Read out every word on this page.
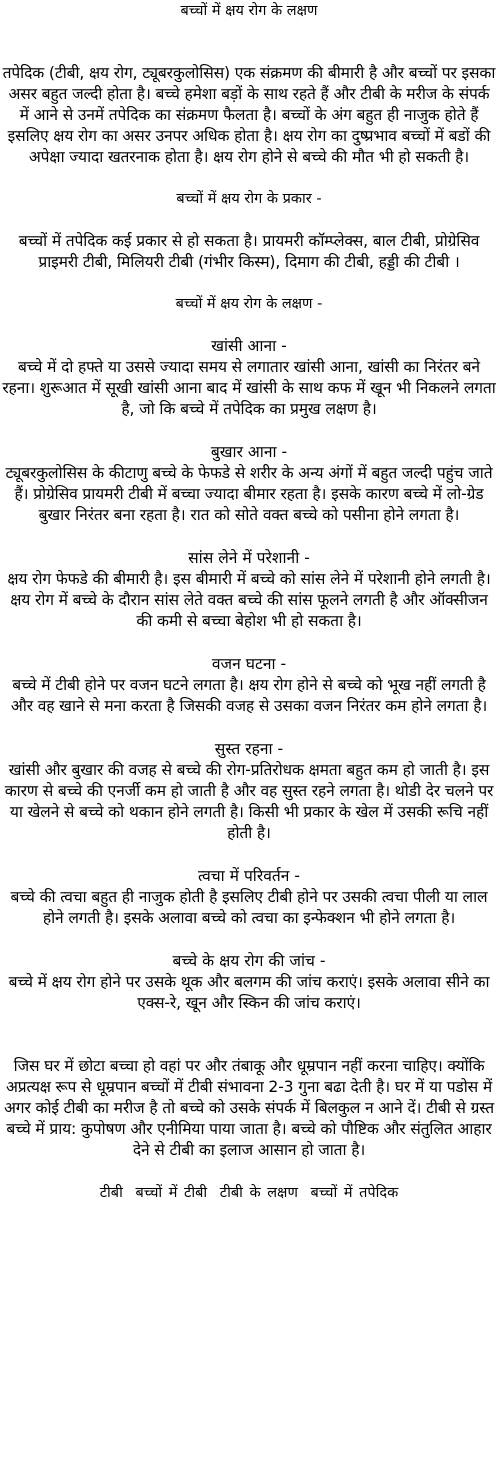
बच्चों में क्षय रोग के लक्षण

तपेदिक (टीबी, क्षय रोग, ट्यूबरकुलोसिस) एक संक्रमण की बीमारी है और बच्चों पर इसका असर बहुत जल्दी होता है। बच्चे हमेशा बड़ों के साथ रहते हैं और टीबी के मरीज के संपर्क में आने से उनमें तपेदिक का संक्रमण फैलता है। बच्चों के अंग बहुत ही नाजुक होते हैं इसलिए क्षय रोग का असर उनपर अधिक होता है। क्षय रोग का दुष्प्रभाव बच्चों में बडों की अपेक्षा ज्यादा खतरनाक होता है। क्षय रोग होने से बच्चे की मौत भी हो सकती है।

बच्चों में क्षय रोग के प्रकार -

बच्चों में तपेदिक कई प्रकार से हो सकता है। प्रायमरी कॉम्प्लेक्स, बाल टीबी, प्रोग्रेसिव प्राइमरी टीबी, मिलियरी टीबी (गंभीर किस्म), दिमाग की टीबी, हड्डी की टीबी ।

बच्चों में क्षय रोग के लक्षण -
खांसी आना -

बच्चे में दो हफ्ते या उससे ज्यादा समय से लगातार खांसी आना, खांसी का निरंतर बने रहना। शुरूआत में सूखी खांसी आना बाद में खांसी के साथ कफ में खून भी निकलने लगता है, जो कि बच्चे में तपेदिक का प्रमुख लक्षण है।

बुखार आना -

ट्यूबरकुलोसिस के कीटाणु बच्चे के फेफडे से शरीर के अन्य अंगों में बहुत जल्दी पहुंच जाते हैं। प्रोग्रेसिव प्रायमरी टीबी में बच्चा ज्यादा बीमार रहता है। इसके कारण बच्चे में लो-ग्रेड बुखार निरंतर बना रहता है। रात को सोते वक्त बच्चे को पसीना होने लगता है।

सांस लेने में परेशानी -

क्षय रोग फेफडे की बीमारी है। इस बीमारी में बच्चे को सांस लेने में परेशानी होने लगती है। क्षय रोग में बच्चे के दौरान सांस लेते वक्त बच्चे की सांस फूलने लगती है और ऑक्सीजन की कमी से बच्चा बेहोश भी हो सकता है।

वजन घटना -

बच्चे में टीबी होने पर वजन घटने लगता है। क्षय रोग होने से बच्चे को भूख नहीं लगती है और वह खाने से मना करता है जिसकी वजह से उसका वजन निरंतर कम होने लगता है।

सुस्त रहना -

खांसी और बुखार की वजह से बच्चे की रोग-प्रतिरोधक क्षमता बहुत कम हो जाती है। इस कारण से बच्चे की एनर्जी कम हो जाती है और वह सुस्त रहने लगता है। थोडी देर चलने पर या खेलने से बच्चे को थकान होने लगती है। किसी भी प्रकार के खेल में उसकी रूचि नहीं होती है।

त्वचा में परिवर्तन -

बच्चे की त्वचा बहुत ही नाजुक होती है इसलिए टीबी होने पर उसकी त्वचा पीली या लाल होने लगती है। इसके अलावा बच्चे को त्वचा का इन्फेक्शन भी होने लगता है।

बच्चे के क्षय रोग की जांच -

बच्चे में क्षय रोग होने पर उसके थूक और बलगम की जांच कराएं। इसके अलावा सीने का एक्स-रे, खून और स्किन की जांच कराएं।

जिस घर में छोटा बच्चा हो वहां पर और तंबाकू और धूम्रपान नहीं करना चाहिए। क्योंकि अप्रत्यक्ष रूप से धूम्रपान बच्चों में टीबी संभावना 2-3 गुना बढा देती है। घर में या पडोस में अगर कोई टीबी का मरीज है तो बच्चे को उसके संपर्क में बिलकुल न आने दें। टीबी से ग्रस्त बच्चे में प्राय: कुपोषण और एनीमिया पाया जाता है। बच्चे को पौष्टिक और संतुलित आहार देने से टीबी का इलाज आसान हो जाता है।

टीबी बच्चों में टीबी टीबी के लक्षण बच्चों में तपेदिक
